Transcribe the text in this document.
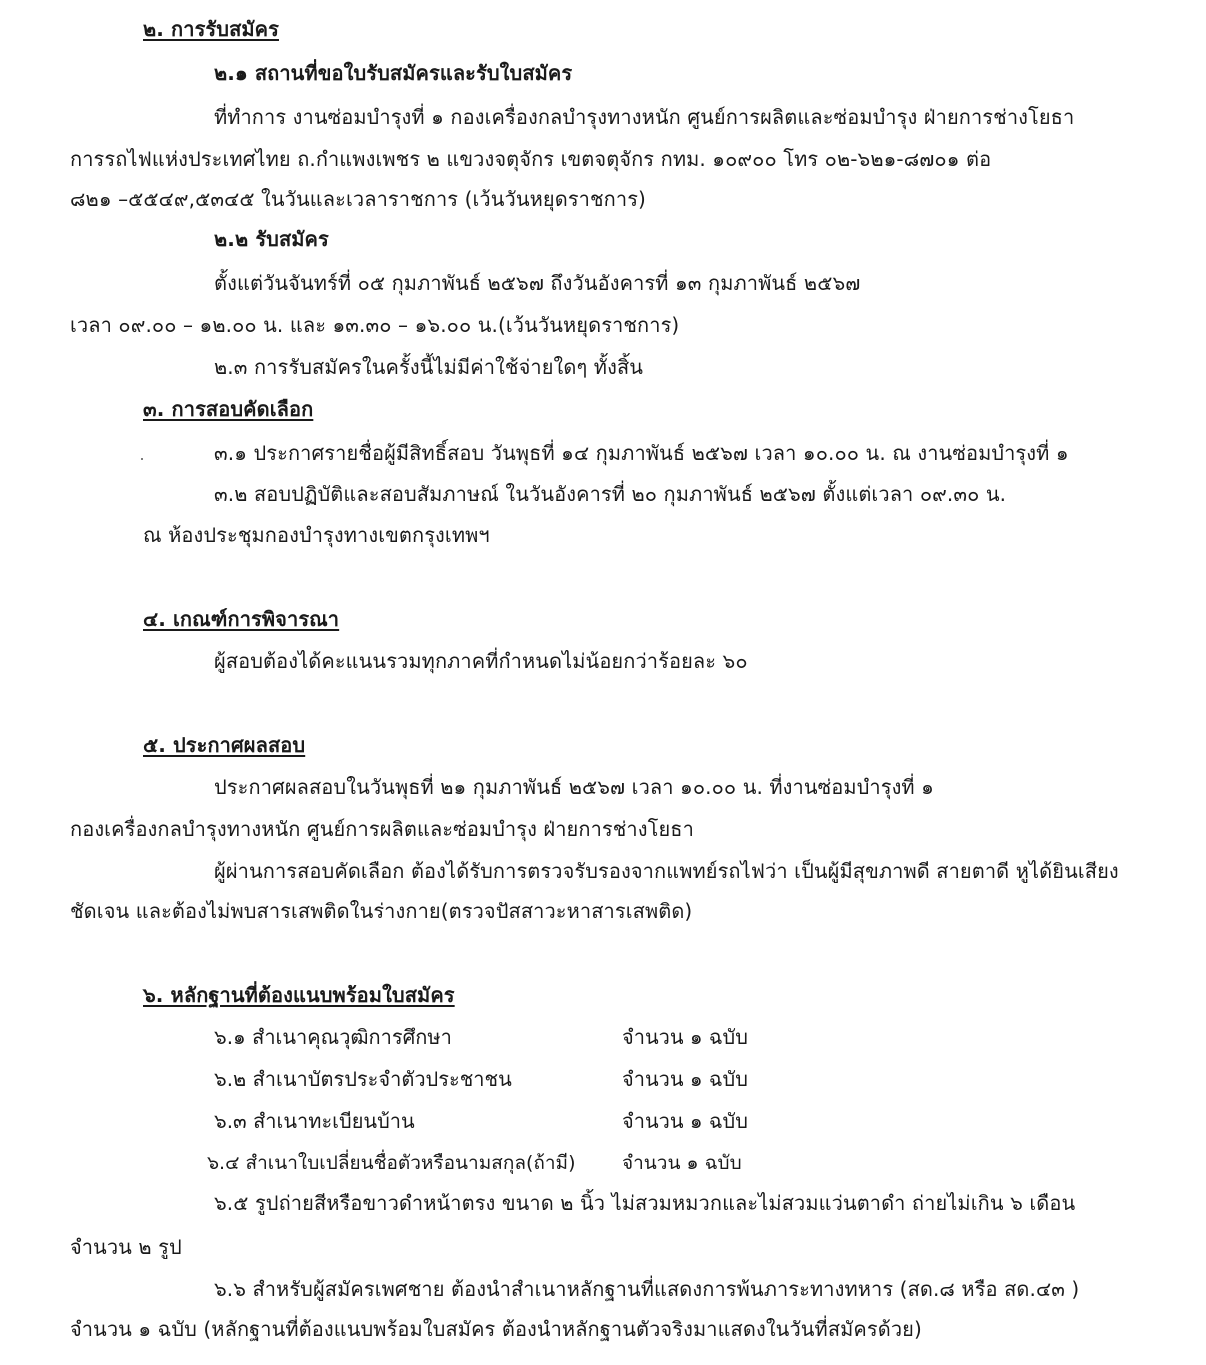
๒. การรับสมัคร
๒.๑ สถานที่ขอใบรับสมัครและรับใบสมัคร
ที่ทำการ งานซ่อมบำรุงที่ ๑ กองเครื่องกลบำรุงทางหนัก ศูนย์การผลิตและซ่อมบำรุง ฝ่ายการช่างโยธา
การรถไฟแห่งประเทศไทย ถ.กำแพงเพชร ๒ แขวงจตุจักร เขตจตุจักร กทม. ๑๐๙๐๐ โทร ๐๒-๖๒๑-๘๗๐๑ ต่อ
๘๒๑ –๕๕๔๙,๕๓๔๕ ในวันและเวลาราชการ (เว้นวันหยุดราชการ)
๒.๒ รับสมัคร
ตั้งแต่วันจันทร์ที่ ๐๕ กุมภาพันธ์ ๒๕๖๗ ถึงวันอังคารที่ ๑๓ กุมภาพันธ์ ๒๕๖๗
เวลา ๐๙.๐๐ – ๑๒.๐๐ น. และ ๑๓.๓๐ – ๑๖.๐๐ น.(เว้นวันหยุดราชการ)
๒.๓ การรับสมัครในครั้งนี้ไม่มีค่าใช้จ่ายใดๆ ทั้งสิ้น
๓. การสอบคัดเลือก
๓.๑ ประกาศรายชื่อผู้มีสิทธิ์สอบ วันพุธที่ ๑๔ กุมภาพันธ์ ๒๕๖๗ เวลา ๑๐.๐๐ น. ณ งานซ่อมบำรุงที่ ๑
๓.๒ สอบปฏิบัติและสอบสัมภาษณ์ ในวันอังคารที่ ๒๐ กุมภาพันธ์ ๒๕๖๗ ตั้งแต่เวลา ๐๙.๓๐ น.
ณ ห้องประชุมกองบำรุงทางเขตกรุงเทพฯ
๔. เกณฑ์การพิจารณา
ผู้สอบต้องได้คะแนนรวมทุกภาคที่กำหนดไม่น้อยกว่าร้อยละ ๖๐
๕. ประกาศผลสอบ
ประกาศผลสอบในวันพุธที่ ๒๑ กุมภาพันธ์ ๒๕๖๗ เวลา ๑๐.๐๐ น. ที่งานซ่อมบำรุงที่ ๑
กองเครื่องกลบำรุงทางหนัก ศูนย์การผลิตและซ่อมบำรุง ฝ่ายการช่างโยธา
ผู้ผ่านการสอบคัดเลือก ต้องได้รับการตรวจรับรองจากแพทย์รถไฟว่า เป็นผู้มีสุขภาพดี สายตาดี หูได้ยินเสียง
ชัดเจน และต้องไม่พบสารเสพติดในร่างกาย(ตรวจปัสสาวะหาสารเสพติด)
๖. หลักฐานที่ต้องแนบพร้อมใบสมัคร
๖.๑ สำเนาคุณวุฒิการศึกษา	จำนวน ๑ ฉบับ
๖.๒ สำเนาบัตรประจำตัวประชาชน	จำนวน ๑ ฉบับ
๖.๓ สำเนาทะเบียนบ้าน	จำนวน ๑ ฉบับ
๖.๔ สำเนาใบเปลี่ยนชื่อตัวหรือนามสกุล(ถ้ามี) จำนวน ๑ ฉบับ
๖.๕ รูปถ่ายสีหรือขาวดำหน้าตรง ขนาด ๒ นิ้ว ไม่สวมหมวกและไม่สวมแว่นตาดำ ถ่ายไม่เกิน ๖ เดือน
จำนวน ๒ รูป
๖.๖ สำหรับผู้สมัครเพศชาย ต้องนำสำเนาหลักฐานที่แสดงการพ้นภาระทางทหาร (สด.๘ หรือ สด.๔๓ )
จำนวน ๑ ฉบับ (หลักฐานที่ต้องแนบพร้อมใบสมัคร ต้องนำหลักฐานตัวจริงมาแสดงในวันที่สมัครด้วย)
